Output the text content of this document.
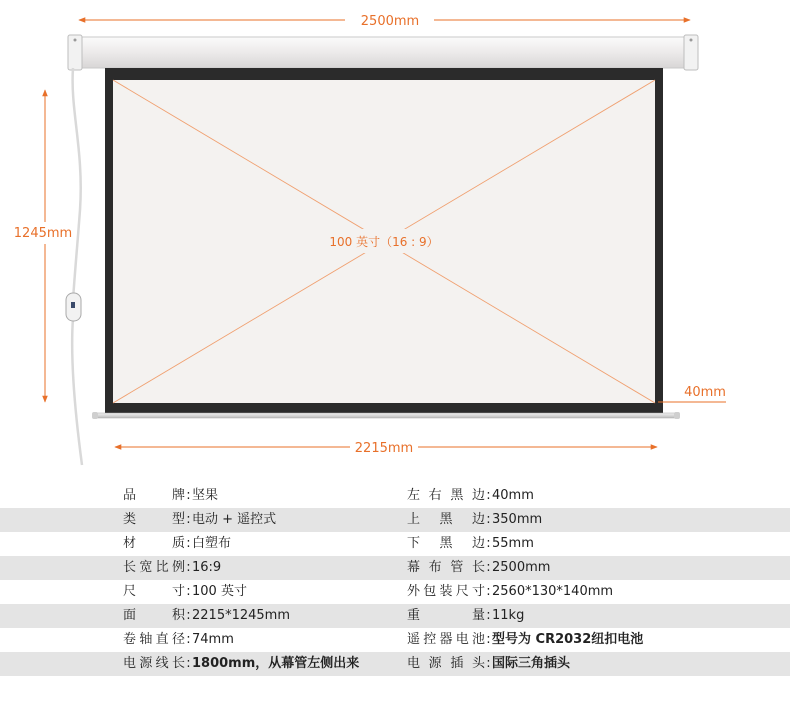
2500mm
1245mm
100 英寸（16 : 9）
40mm
2215mm
品牌:坚果	左右黑边:40mm
类型:电动 + 遥控式	上黑边:350mm
材质:白塑布	下黑边:55mm
长宽比例:16:9	幕布管长:2500mm
尺寸:100 英寸	外包装尺寸:2560*130*140mm
面积:2215*1245mm	重量:11kg
卷轴直径:74mm	遥控器电池:型号为 CR2032纽扣电池
电源线长:1800mm，从幕管左侧出来	电源插头:国际三角插头
